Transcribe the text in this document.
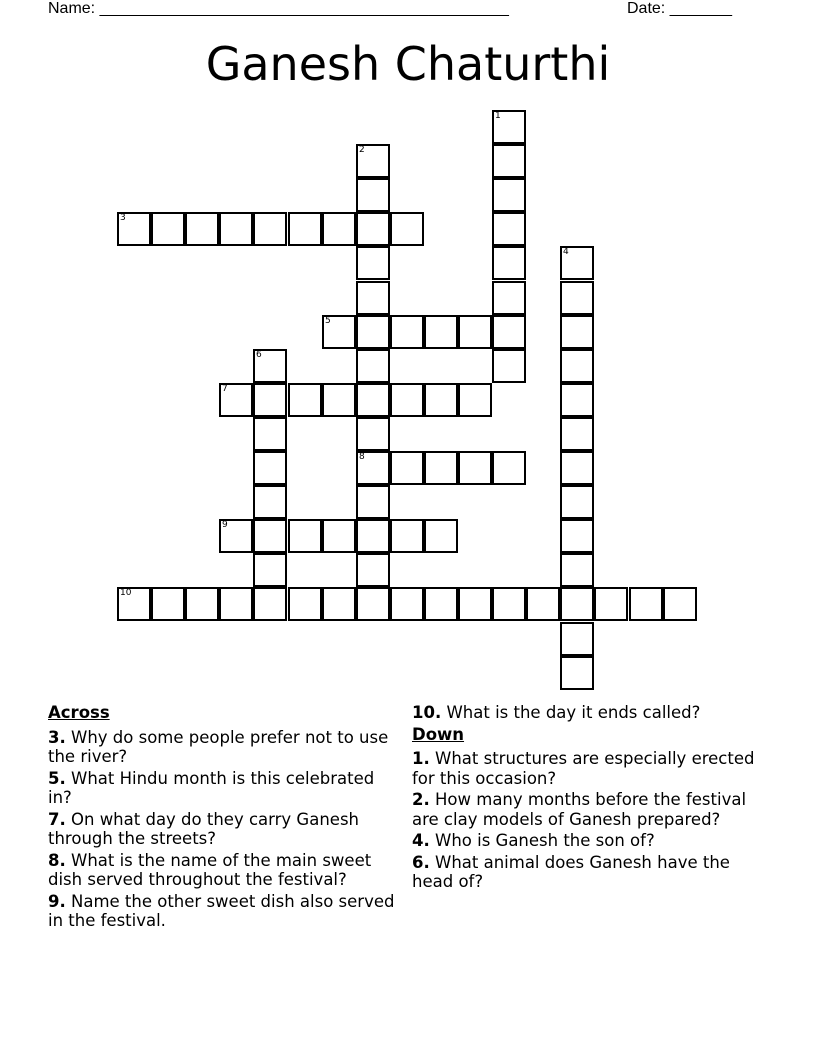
Name: ______________________________________________	Date: _______
Ganesh Chaturthi
1
2
8
3
4
5
6
7
9
10
Across
3. Why do some people prefer not to use the river?
5. What Hindu month is this celebrated in?
7. On what day do they carry Ganesh through the streets?
8. What is the name of the main sweet dish served throughout the festival?
9. Name the other sweet dish also served in the festival.
10. What is the day it ends called?
Down
1. What structures are especially erected for this occasion?
2. How many months before the festival are clay models of Ganesh prepared?
4. Who is Ganesh the son of?
6. What animal does Ganesh have the head of?
